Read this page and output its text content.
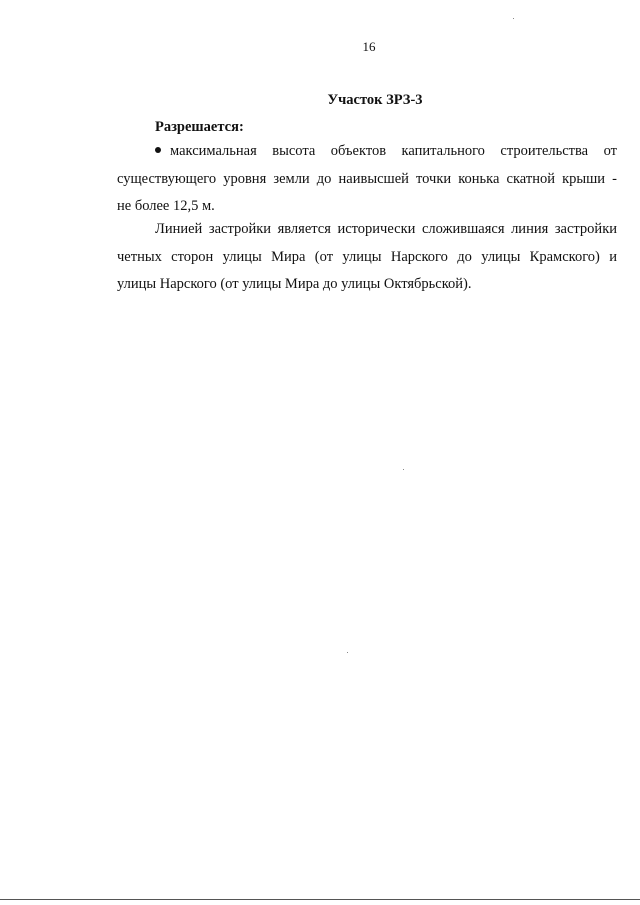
16
Участок ЗРЗ-3
Разрешается:
максимальная высота объектов капитального строительства от
существующего уровня земли до наивысшей точки конька скатной крыши -
не более 12,5 м.
Линией застройки является исторически сложившаяся линия застройки
четных сторон улицы Мира (от улицы Нарского до улицы Крамского) и
улицы Нарского (от улицы Мира до улицы Октябрьской).
